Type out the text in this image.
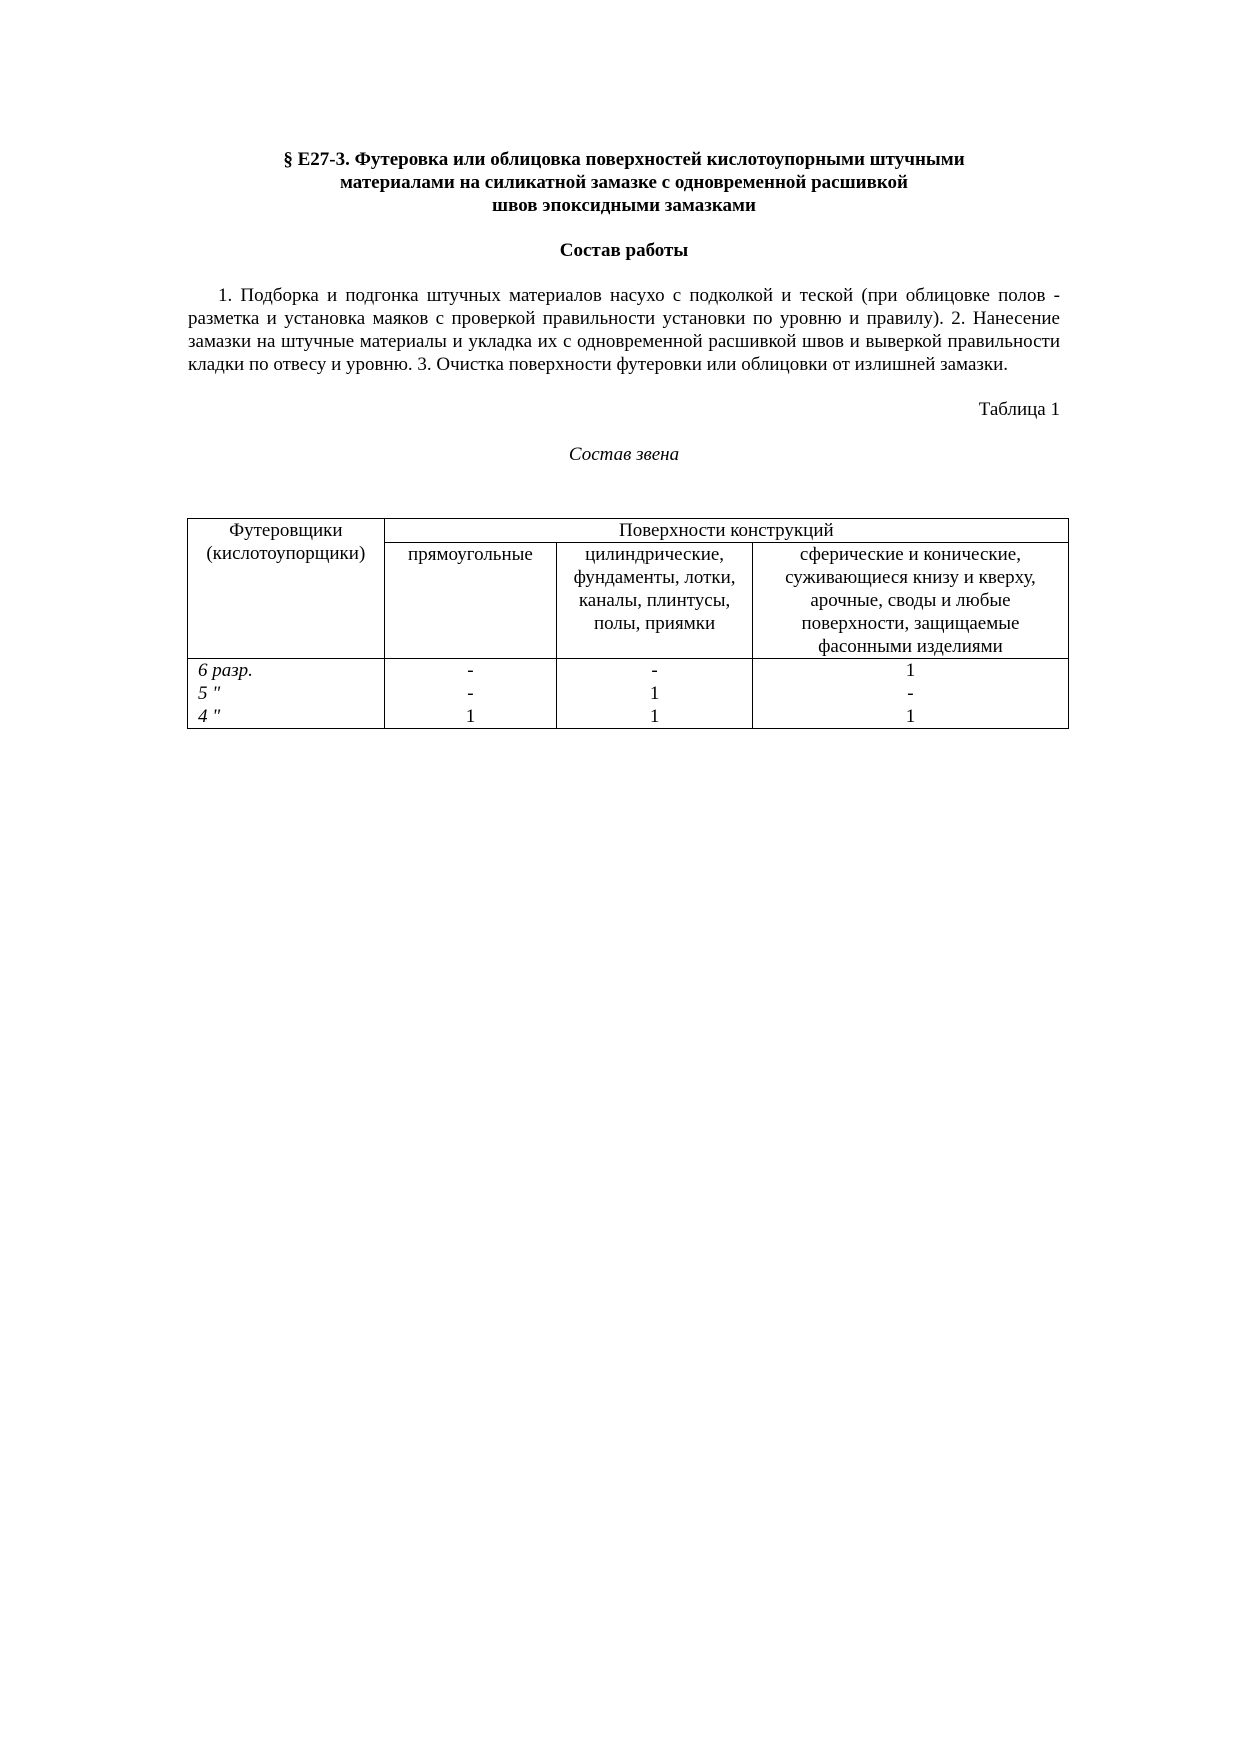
§ Е27-3. Футеровка или облицовка поверхностей кислотоупорными штучными
материалами на силикатной замазке с одновременной расшивкой
швов эпоксидными замазками
Состав работы

1. Подборка и подгонка штучных материалов насухо с подколкой и теской (при облицовке полов - разметка и установка маяков с проверкой правильности установки по уровню и правилу). 2. Нанесение замазки на штучные материалы и укладка их с одновременной расшивкой швов и выверкой правильности кладки по отвесу и уровню. 3. Очистка поверхности футеровки или облицовки от излишней замазки.

Таблица 1
Состав звена
Футеровщики (кислотоупорщики)	Поверхности конструкций		
	прямоугольные	цилиндрические, фундаменты, лотки, каналы, плинтусы, полы, приямки	сферические и конические, суживающиеся книзу и кверху, арочные, своды и любые поверхности, защищаемые фасонными изделиями
6 разр.	-	-	1
5 "	-	1	-
4 "	1	1	1
